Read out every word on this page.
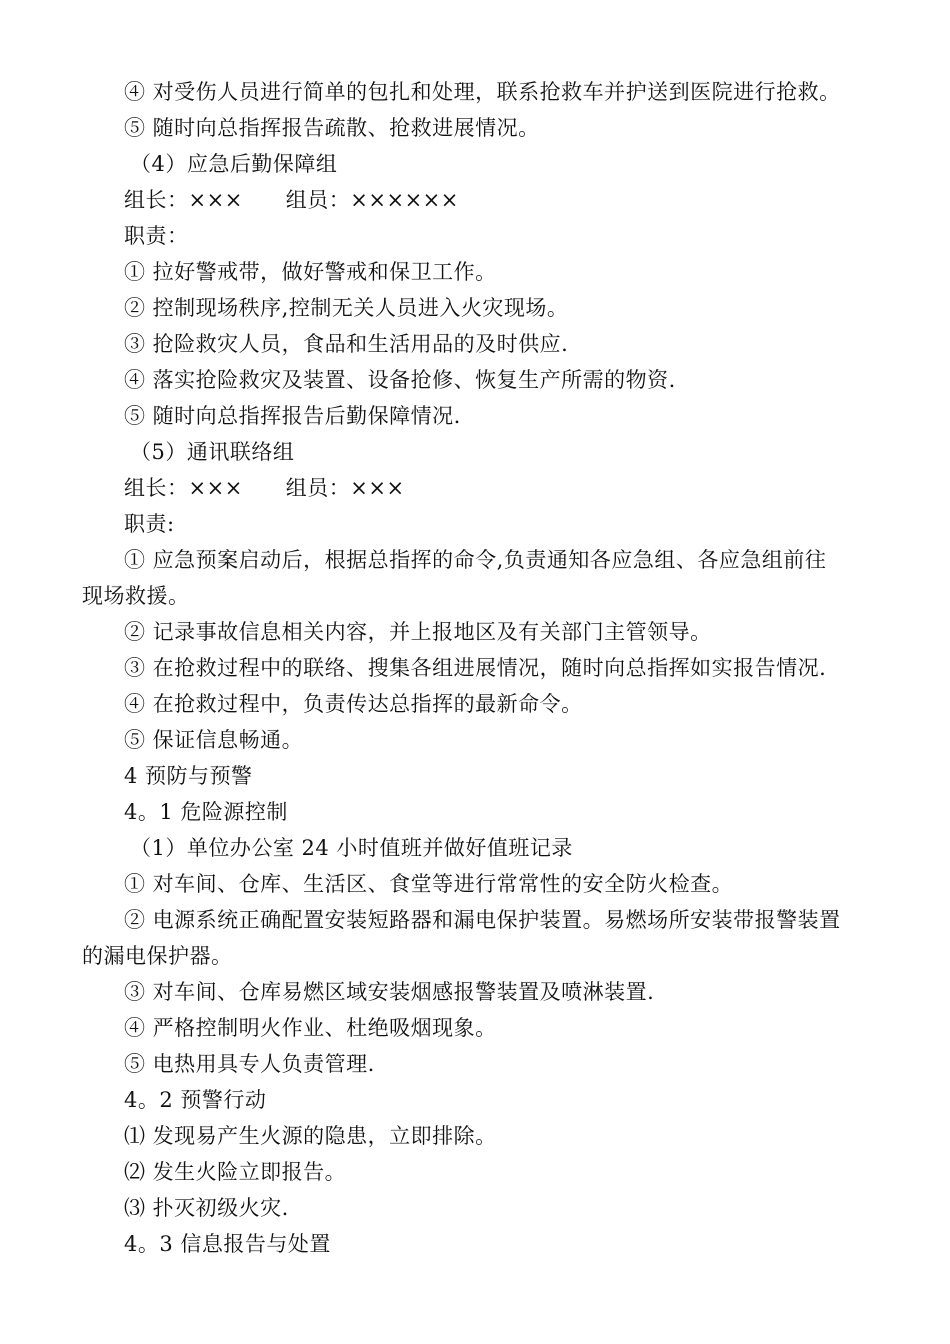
④ 对受伤人员进行简单的包扎和处理，联系抢救车并护送到医院进行抢救。
⑤ 随时向总指挥报告疏散、抢救进展情况。
（4）应急后勤保障组
组长：×××　　组员：××××××
职责：
① 拉好警戒带，做好警戒和保卫工作。
② 控制现场秩序,控制无关人员进入火灾现场。
③ 抢险救灾人员，食品和生活用品的及时供应.
④ 落实抢险救灾及装置、设备抢修、恢复生产所需的物资.
⑤ 随时向总指挥报告后勤保障情况.
（5）通讯联络组
组长：×××　　组员：×××
职责:
① 应急预案启动后，根据总指挥的命令,负责通知各应急组、各应急组前往
现场救援。
② 记录事故信息相关内容，并上报地区及有关部门主管领导。
③ 在抢救过程中的联络、搜集各组进展情况，随时向总指挥如实报告情况.
④ 在抢救过程中，负责传达总指挥的最新命令。
⑤ 保证信息畅通。
4 预防与预警
4。1 危险源控制
（1）单位办公室 24 小时值班并做好值班记录
① 对车间、仓库、生活区、食堂等进行常常性的安全防火检查。
② 电源系统正确配置安装短路器和漏电保护装置。易燃场所安装带报警装置
的漏电保护器。
③ 对车间、仓库易燃区域安装烟感报警装置及喷淋装置.
④ 严格控制明火作业、杜绝吸烟现象。
⑤ 电热用具专人负责管理.
4。2 预警行动
⑴ 发现易产生火源的隐患，立即排除。
⑵ 发生火险立即报告。
⑶ 扑灭初级火灾.
4。3 信息报告与处置
